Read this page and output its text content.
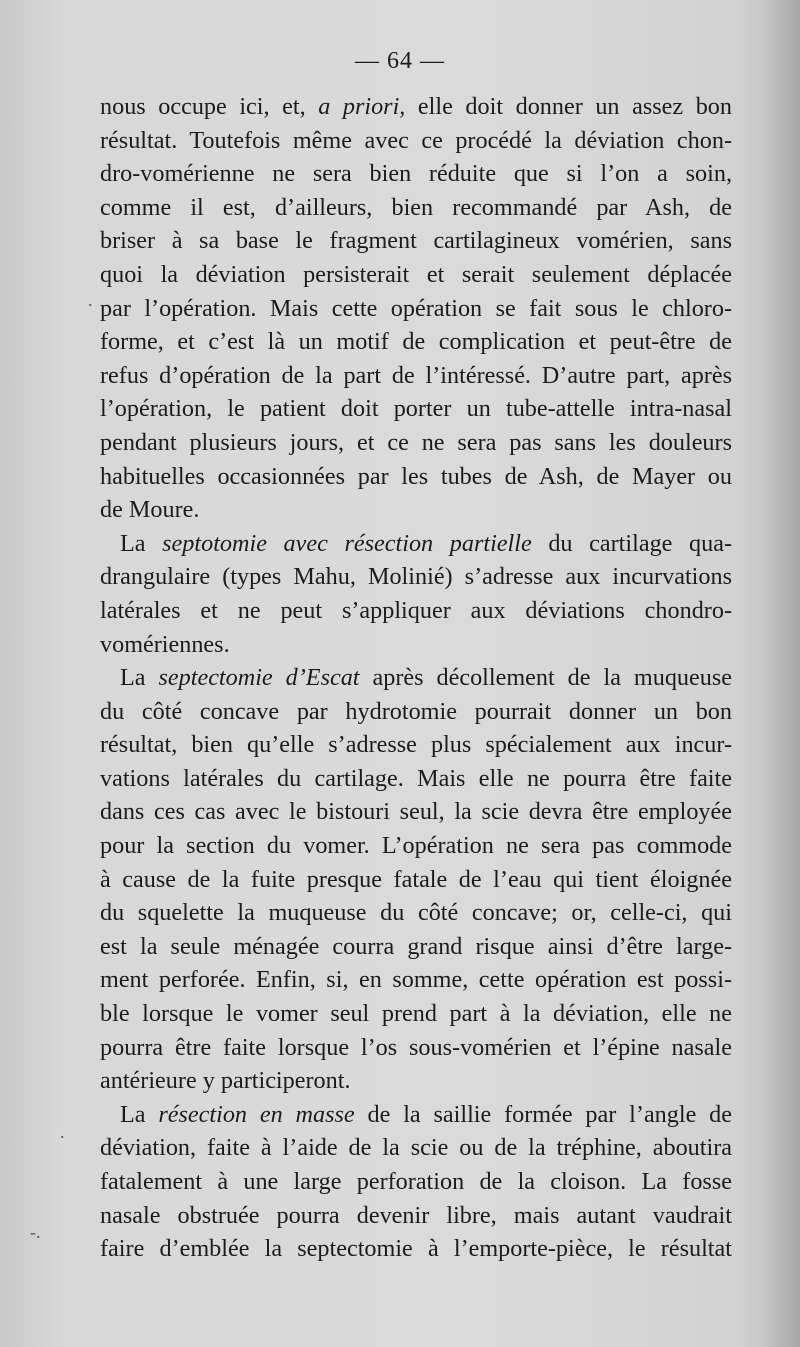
— 64 —
.
.
-.
nous occupe ici, et, a priori, elle doit donner un assez bon
résultat. Toutefois même avec ce procédé la déviation chon-
dro-vomérienne ne sera bien réduite que si l’on a soin,
comme il est, d’ailleurs, bien recommandé par Ash, de
briser à sa base le fragment cartilagineux vomérien, sans
quoi la déviation persisterait et serait seulement déplacée
par l’opération. Mais cette opération se fait sous le chloro-
forme, et c’est là un motif de complication et peut-être de
refus d’opération de la part de l’intéressé. D’autre part, après
l’opération, le patient doit porter un tube-attelle intra-nasal
pendant plusieurs jours, et ce ne sera pas sans les douleurs
habituelles occasionnées par les tubes de Ash, de Mayer ou
de Moure.
La septotomie avec résection partielle du cartilage qua-
drangulaire (types Mahu, Molinié) s’adresse aux incurvations
latérales et ne peut s’appliquer aux déviations chondro-
vomériennes.
La septectomie d’Escat après décollement de la muqueuse
du côté concave par hydrotomie pourrait donner un bon
résultat, bien qu’elle s’adresse plus spécialement aux incur-
vations latérales du cartilage. Mais elle ne pourra être faite
dans ces cas avec le bistouri seul, la scie devra être employée
pour la section du vomer. L’opération ne sera pas commode
à cause de la fuite presque fatale de l’eau qui tient éloignée
du squelette la muqueuse du côté concave; or, celle-ci, qui
est la seule ménagée courra grand risque ainsi d’être large-
ment perforée. Enfin, si, en somme, cette opération est possi-
ble lorsque le vomer seul prend part à la déviation, elle ne
pourra être faite lorsque l’os sous-vomérien et l’épine nasale
antérieure y participeront.
La résection en masse de la saillie formée par l’angle de
déviation, faite à l’aide de la scie ou de la tréphine, aboutira
fatalement à une large perforation de la cloison. La fosse
nasale obstruée pourra devenir libre, mais autant vaudrait
faire d’emblée la septectomie à l’emporte-pièce, le résultat
